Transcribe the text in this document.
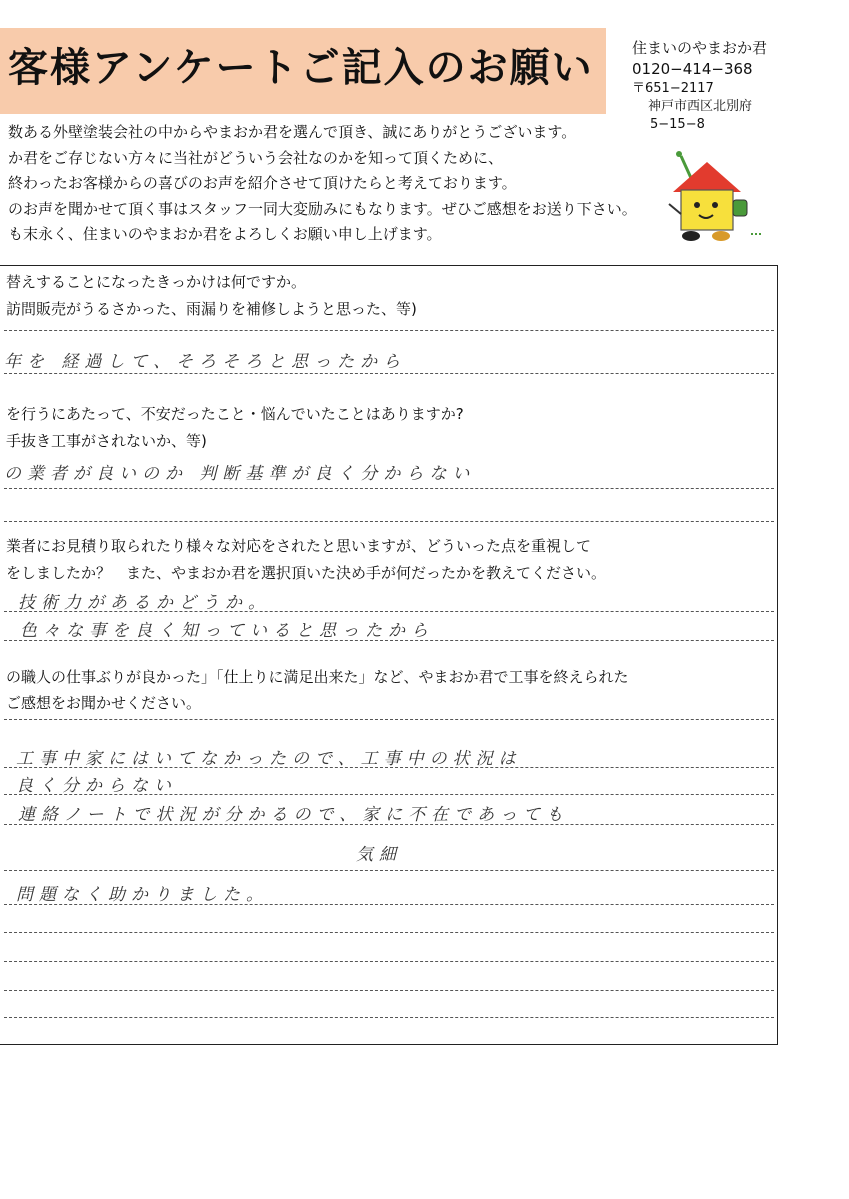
客様アンケートご記入のお願い	住まいのやまおか君
0120−414−368
〒651−2117
神戸市西区北別府
5−15−8
数ある外壁塗装会社の中からやまおか君を選んで頂き、誠にありがとうございます。
か君をご存じない方々に当社がどういう会社なのかを知って頂くために、
終わったお客様からの喜びのお声を紹介させて頂けたらと考えております。
のお声を聞かせて頂く事はスタッフ一同大変励みにもなります。ぜひご感想をお送り下さい。
も末永く、住まいのやまおか君をよろしくお願い申し上げます。
替えすることになったきっかけは何ですか。
訪問販売がうるさかった、雨漏りを補修しようと思った、等)
年を 経過して、そろそろと思ったから
を行うにあたって、不安だったこと・悩んでいたことはありますか?
手抜き工事がされないか、等)
の業者が良いのか 判断基準が良く分からない
業者にお見積り取られたり様々な対応をされたと思いますが、どういった点を重視して
をしましたか？　また、やまおか君を選択頂いた決め手が何だったかを教えてください。
技術力があるかどうか。
色々な事を良く知っていると思ったから
の職人の仕事ぶりが良かった」「仕上りに満足出来た」など、やまおか君で工事を終えられた
ご感想をお聞かせください。
工事中家にはいてなかったので、工事中の状況は
良く分からない
連絡ノートで状況が分かるので、家に不在であっても
気細
問題なく助かりました。
